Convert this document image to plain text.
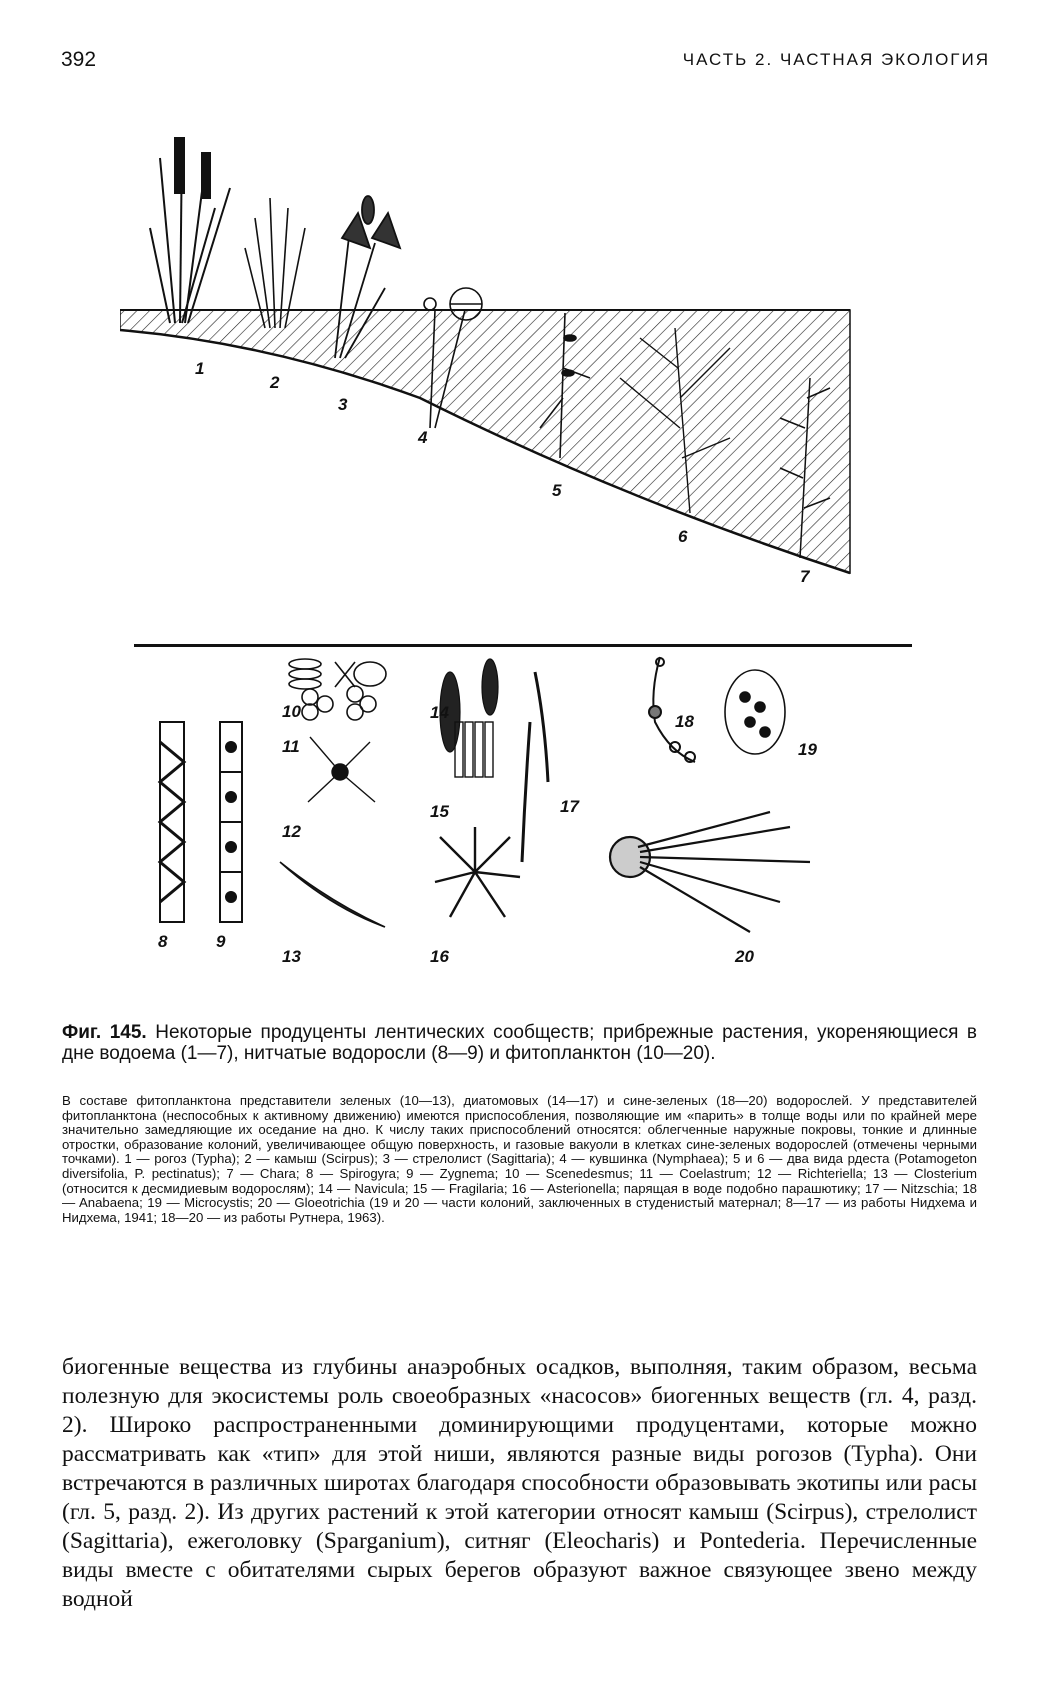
392	ЧАСТЬ 2. ЧАСТНАЯ ЭКОЛОГИЯ
1
2
3
4
5
6
7
8	9
10
11
12
13
14
15
16
17
18
19
20

Фиг. 145. Некоторые продуценты лентических сообществ; прибрежные растения, укореняющиеся в дне водоема (1—7), нитчатые водоросли (8—9) и фитопланктон (10—20).

В составе фитопланктона представители зеленых (10—13), диатомовых (14—17) и сине-зеленых (18—20) водорослей. У представителей фитопланктона (неспособных к активному движению) имеются приспособления, позволяющие им «парить» в толще воды или по крайней мере значительно замедляющие их оседание на дно. К числу таких приспособлений относятся: облегченные наружные покровы, тонкие и длинные отростки, образование колоний, увеличивающее общую поверхность, и газовые вакуоли в клетках сине-зеленых водорослей (отмечены черными точками). 1 — рогоз (Typha); 2 — камыш (Scirpus); 3 — стрелолист (Sagittaria); 4 — кувшинка (Nymphaea); 5 и 6 — два вида рдеста (Potamogeton diversifolia, P. pectinatus); 7 — Chara; 8 — Spirogyra; 9 — Zygnema; 10 — Scenedesmus; 11 — Coelastrum; 12 — Richteriella; 13 — Closterium (относится к десмидиевым водорослям); 14 — Navicula; 15 — Fragilaria; 16 — Asterionella; парящая в воде подобно парашютику; 17 — Nitzschia; 18 — Anabaena; 19 — Microcystis; 20 — Gloeotrichia (19 и 20 — части колоний, заключенных в студенистый матернал; 8—17 — из работы Нидхема и Нидхема, 1941; 18—20 — из работы Рутнера, 1963).

биогенные вещества из глубины анаэробных осадков, выполняя, таким образом, весьма полезную для экосистемы роль своеобразных «насосов» биогенных веществ (гл. 4, разд. 2). Широко распространенными доминирующими продуцентами, которые можно рассматривать как «тип» для этой ниши, являются разные виды рогозов (Typha). Они встречаются в различных широтах благодаря способности образовывать экотипы или расы (гл. 5, разд. 2). Из других растений к этой категории относят камыш (Scirpus), стрелолист (Sagittaria), ежеголовку (Sparganium), ситняг (Eleocharis) и Pontederia. Перечисленные виды вместе с обитателями сырых берегов образуют важное связующее звено между водной
